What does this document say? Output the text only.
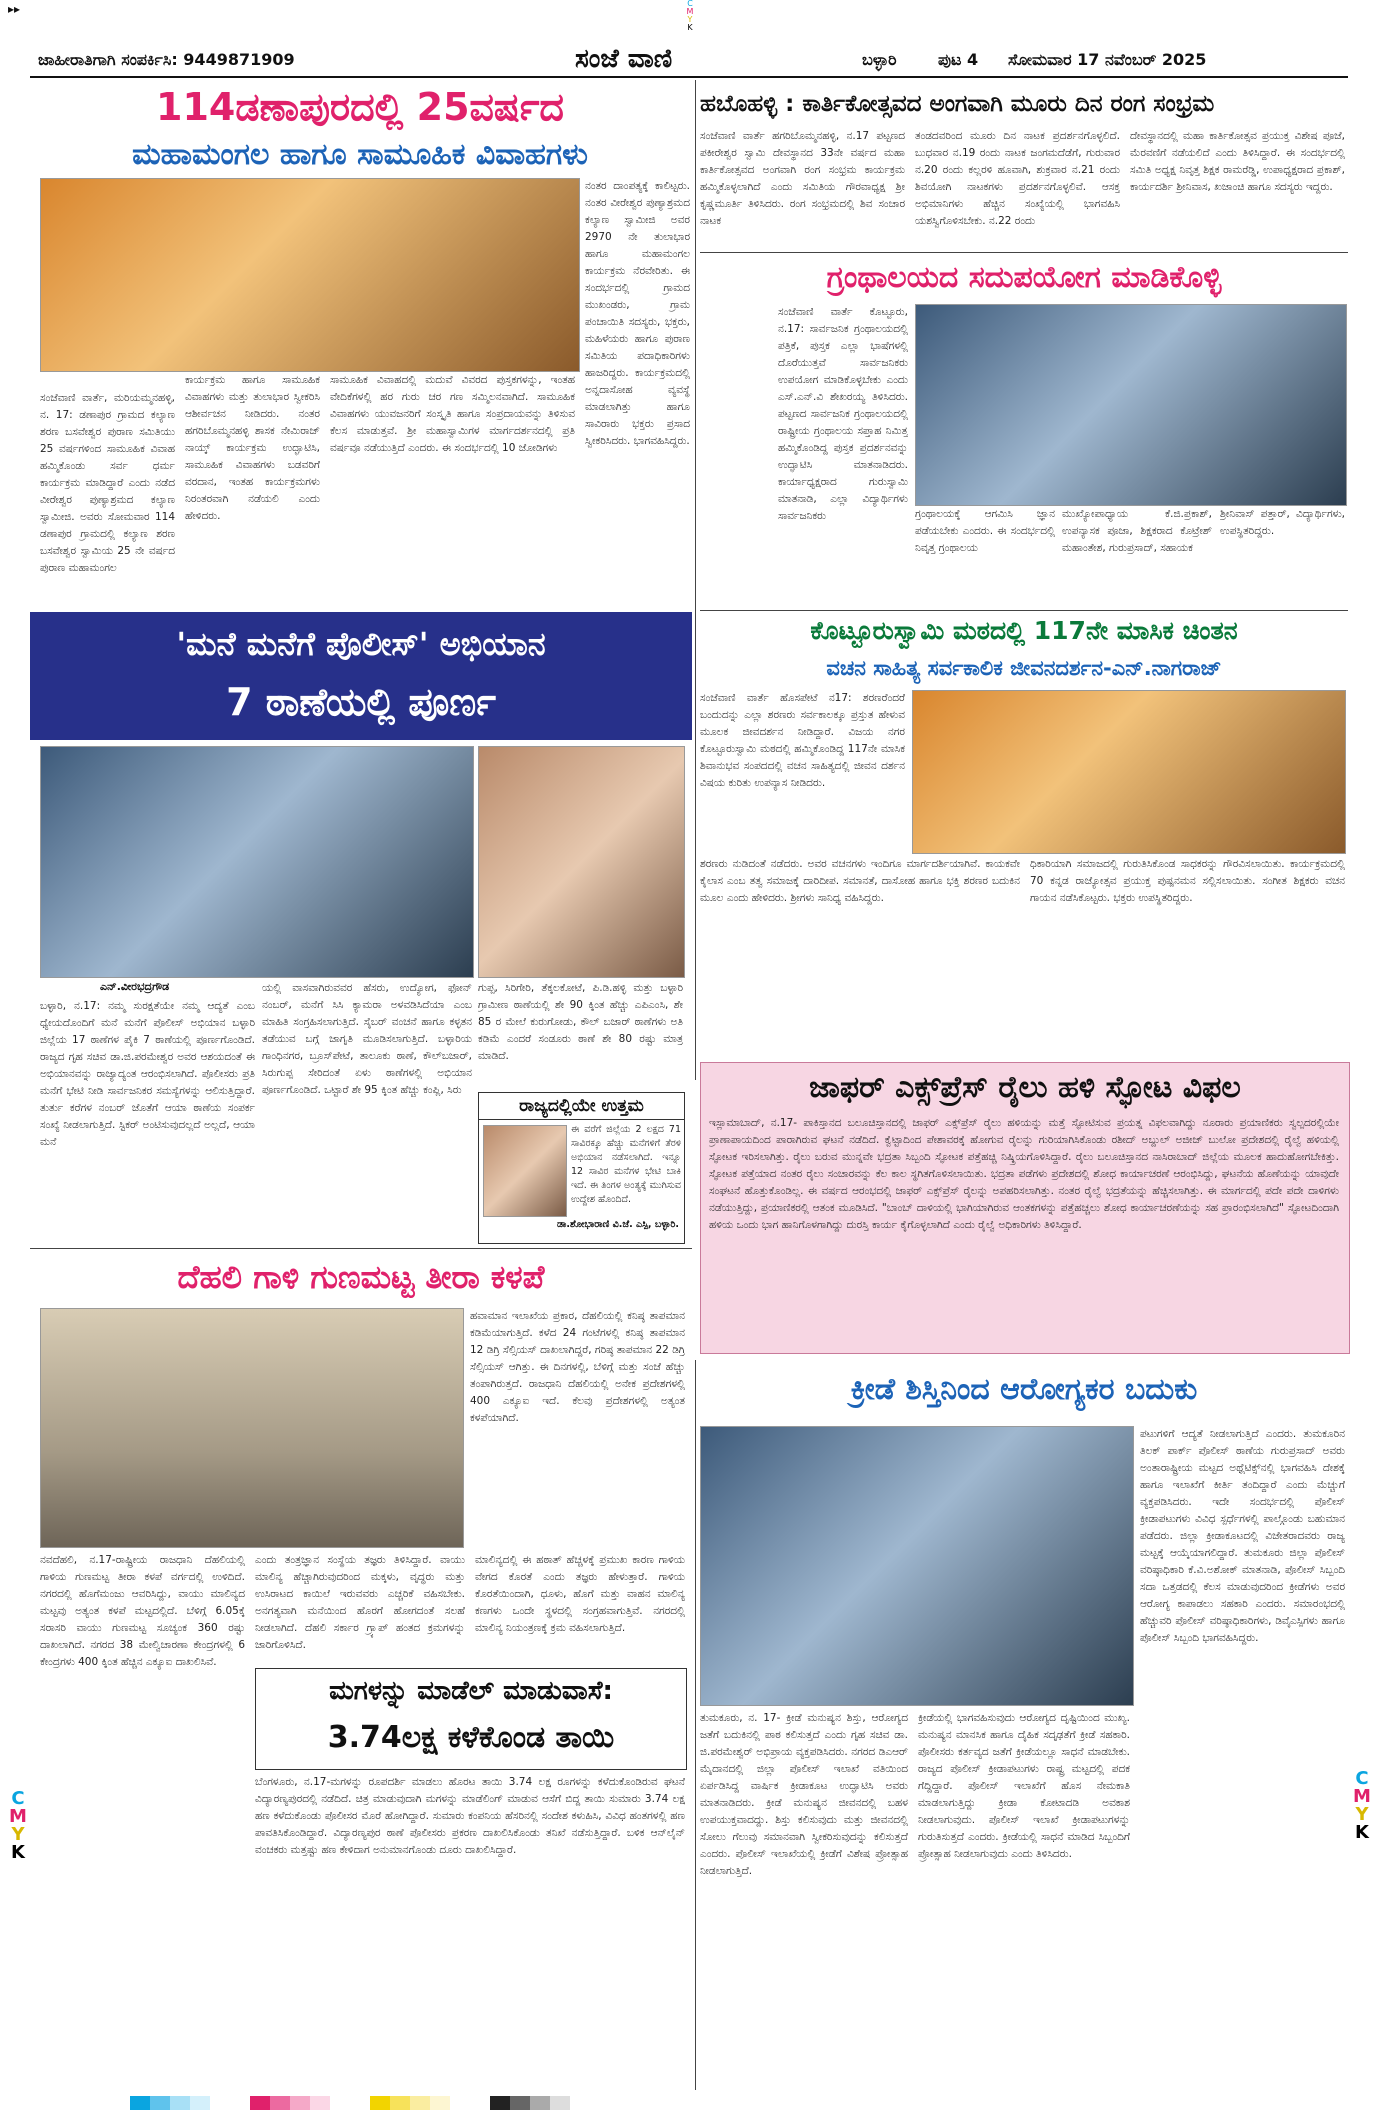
▸▸	C
M
Y
K
ಜಾಹೀರಾತಿಗಾಗಿ ಸಂಪರ್ಕಿಸಿ: 9449871909	ಸಂಜೆ ವಾಣಿ	ಬಳ್ಳಾರಿ	ಪುಟ 4 ಸೋಮವಾರ 17 ನವೆಂಬರ್ 2025
114ಡಣಾಪುರದಲ್ಲಿ 25ವರ್ಷದ
ಮಹಾಮಂಗಲ ಹಾಗೂ ಸಾಮೂಹಿಕ ವಿವಾಹಗಳು
ನಂತರ ದಾಂಪತ್ಯಕ್ಕೆ ಕಾಲಿಟ್ಟರು. ನಂತರ ವೀರೇಶ್ವರ ಪುಣ್ಯಾಶ್ರಮದ ಕಲ್ಯಾಣ ಸ್ವಾಮೀಜಿ ಅವರ 2970 ನೇ ತುಲಾಭಾರ ಹಾಗೂ ಮಹಾಮಂಗಲ ಕಾರ್ಯಕ್ರಮ ನೆರವೇರಿತು. ಈ ಸಂದರ್ಭದಲ್ಲಿ ಗ್ರಾಮದ ಮುಖಂಡರು, ಗ್ರಾಮ ಪಂಚಾಯಿತಿ ಸದಸ್ಯರು, ಭಕ್ತರು, ಮಹಿಳೆಯರು ಹಾಗೂ ಪುರಾಣ ಸಮಿತಿಯ ಪದಾಧಿಕಾರಿಗಳು ಹಾಜರಿದ್ದರು. ಕಾರ್ಯಕ್ರಮದಲ್ಲಿ ಅನ್ನದಾಸೋಹ ವ್ಯವಸ್ಥೆ ಮಾಡಲಾಗಿತ್ತು ಹಾಗೂ ಸಾವಿರಾರು ಭಕ್ತರು ಪ್ರಸಾದ ಸ್ವೀಕರಿಸಿದರು. ಭಾಗವಹಿಸಿದ್ದರು.
ಸಂಜೆವಾಣಿ ವಾರ್ತೆ, ಮರಿಯಮ್ಮನಹಳ್ಳಿ, ನ. 17: ಡಣಾಪುರ ಗ್ರಾಮದ ಕಲ್ಯಾಣ ಶರಣ ಬಸವೇಶ್ವರ ಪುರಾಣ ಸಮಿತಿಯು 25 ವರ್ಷಗಳಿಂದ ಸಾಮೂಹಿಕ ವಿವಾಹ ಹಮ್ಮಿಕೊಂಡು ಸರ್ವ ಧರ್ಮ ಕಾರ್ಯಕ್ರಮ ಮಾಡಿದ್ದಾರೆ ಎಂದು ನಡೆದ ವೀರೇಶ್ವರ ಪುಣ್ಯಾಶ್ರಮದ ಕಲ್ಯಾಣ ಸ್ವಾಮೀಜಿ. ಅವರು ಸೋಮವಾರ 114 ಡಣಾಪುರ ಗ್ರಾಮದಲ್ಲಿ ಕಲ್ಯಾಣ ಶರಣ ಬಸವೇಶ್ವರ ಸ್ವಾಮಿಯ 25 ನೇ ವರ್ಷದ ಪುರಾಣ ಮಹಾಮಂಗಲ
ಕಾರ್ಯಕ್ರಮ ಹಾಗೂ ಸಾಮೂಹಿಕ ವಿವಾಹಗಳು ಮತ್ತು ತುಲಾಭಾರ ಸ್ವೀಕರಿಸಿ ಆಶೀರ್ವಚನ ನೀಡಿದರು. ನಂತರ ಹಗರಿಬೊಮ್ಮನಹಳ್ಳಿ ಶಾಸಕ ನೇಮಿರಾಜ್ ನಾಯ್ಕ್ ಕಾರ್ಯಕ್ರಮ ಉದ್ಘಾಟಿಸಿ, ಸಾಮೂಹಿಕ ವಿವಾಹಗಳು ಬಡವರಿಗೆ ವರದಾನ, ಇಂತಹ ಕಾರ್ಯಕ್ರಮಗಳು ನಿರಂತರವಾಗಿ ನಡೆಯಲಿ ಎಂದು ಹೇಳಿದರು.
ಸಾಮೂಹಿಕ ವಿವಾಹದಲ್ಲಿ ಮದುವೆ ವಿವರದ ಪುಸ್ತಕಗಳನ್ನು, ಇಂತಹ ವೇದಿಕೆಗಳಲ್ಲಿ ಹರ ಗುರು ಚರ ಗಣ ಸಮ್ಮಿಲನವಾಗಿದೆ. ಸಾಮೂಹಿಕ ವಿವಾಹಗಳು ಯುವಜನರಿಗೆ ಸಂಸ್ಕೃತಿ ಹಾಗೂ ಸಂಪ್ರದಾಯವನ್ನು ತಿಳಿಸುವ ಕೆಲಸ ಮಾಡುತ್ತವೆ. ಶ್ರೀ ಮಹಾಸ್ವಾಮಿಗಳ ಮಾರ್ಗದರ್ಶನದಲ್ಲಿ ಪ್ರತಿ ವರ್ಷವೂ ನಡೆಯುತ್ತಿದೆ ಎಂದರು. ಈ ಸಂದರ್ಭದಲ್ಲಿ 10 ಜೋಡಿಗಳು
ಹಬೊಹಳ್ಳಿ : ಕಾರ್ತಿಕೋತ್ಸವದ ಅಂಗವಾಗಿ ಮೂರು ದಿನ ರಂಗ ಸಂಭ್ರಮ
ಸಂಜೆವಾಣಿ ವಾರ್ತೆ ಹಗರಿಬೊಮ್ಮನಹಳ್ಳಿ, ನ.17 ಪಟ್ಟಣದ ಪಕೀರೇಶ್ವರ ಸ್ವಾಮಿ ದೇವಸ್ಥಾನದ 33ನೇ ವರ್ಷದ ಮಹಾ ಕಾರ್ತಿಕೋತ್ಸವದ ಅಂಗವಾಗಿ ರಂಗ ಸಂಭ್ರಮ ಕಾರ್ಯಕ್ರಮ ಹಮ್ಮಿಕೊಳ್ಳಲಾಗಿದೆ ಎಂದು ಸಮಿತಿಯ ಗೌರವಾಧ್ಯಕ್ಷ ಶ್ರೀ ಕೃಷ್ಣಮೂರ್ತಿ ತಿಳಿಸಿದರು. ರಂಗ ಸಂಭ್ರಮದಲ್ಲಿ ಶಿವ ಸಂಚಾರ ನಾಟಕ
ತಂಡದವರಿಂದ ಮೂರು ದಿನ ನಾಟಕ ಪ್ರದರ್ಶನಗೊಳ್ಳಲಿದೆ. ಬುಧವಾರ ನ.19 ರಂದು ನಾಟಕ ಜಂಗಮದೆಡೆಗೆ, ಗುರುವಾರ ನ.20 ರಂದು ಕಲ್ಲರಳಿ ಹೂವಾಗಿ, ಶುಕ್ರವಾರ ನ.21 ರಂದು ಶಿವಯೋಗಿ ನಾಟಕಗಳು ಪ್ರದರ್ಶನಗೊಳ್ಳಲಿವೆ. ಆಸಕ್ತ ಅಭಿಮಾನಿಗಳು ಹೆಚ್ಚಿನ ಸಂಖ್ಯೆಯಲ್ಲಿ ಭಾಗವಹಿಸಿ ಯಶಸ್ವಿಗೊಳಿಸಬೇಕು. ನ.22 ರಂದು
ದೇವಸ್ಥಾನದಲ್ಲಿ ಮಹಾ ಕಾರ್ತಿಕೋತ್ಸವ ಪ್ರಯುಕ್ತ ವಿಶೇಷ ಪೂಜೆ, ಮೆರವಣಿಗೆ ನಡೆಯಲಿದೆ ಎಂದು ತಿಳಿಸಿದ್ದಾರೆ. ಈ ಸಂದರ್ಭದಲ್ಲಿ ಸಮಿತಿ ಅಧ್ಯಕ್ಷ ನಿವೃತ್ತ ಶಿಕ್ಷಕ ರಾಮರೆಡ್ಡಿ, ಉಪಾಧ್ಯಕ್ಷರಾದ ಪ್ರಕಾಶ್, ಕಾರ್ಯದರ್ಶಿ ಶ್ರೀನಿವಾಸ, ಖಜಾಂಚಿ ಹಾಗೂ ಸದಸ್ಯರು ಇದ್ದರು.
ಗ್ರಂಥಾಲಯದ ಸದುಪಯೋಗ ಮಾಡಿಕೊಳ್ಳಿ
ಸಂಜೆವಾಣಿ ವಾರ್ತೆ ಕೊಟ್ಟೂರು, ನ.17: ಸಾರ್ವಜನಿಕ ಗ್ರಂಥಾಲಯದಲ್ಲಿ ಪತ್ರಿಕೆ, ಪುಸ್ತಕ ಎಲ್ಲಾ ಭಾಷೆಗಳಲ್ಲಿ ದೊರೆಯುತ್ತವೆ ಸಾರ್ವಜನಿಕರು ಉಪಯೋಗ ಮಾಡಿಕೊಳ್ಳಬೇಕು ಎಂದು ಎಸ್.ಎನ್.ವಿ ಶೇಖರಯ್ಯ ತಿಳಿಸಿದರು. ಪಟ್ಟಣದ ಸಾರ್ವಜನಿಕ ಗ್ರಂಥಾಲಯದಲ್ಲಿ ರಾಷ್ಟ್ರೀಯ ಗ್ರಂಥಾಲಯ ಸಪ್ತಾಹ ನಿಮಿತ್ತ ಹಮ್ಮಿಕೊಂಡಿದ್ದ ಪುಸ್ತಕ ಪ್ರದರ್ಶನವನ್ನು ಉದ್ಘಾಟಿಸಿ ಮಾತನಾಡಿದರು. ಕಾರ್ಯಾಧ್ಯಕ್ಷರಾದ ಗುರುಸ್ವಾಮಿ ಮಾತನಾಡಿ, ಎಲ್ಲಾ ವಿದ್ಯಾರ್ಥಿಗಳು ಸಾರ್ವಜನಿಕರು	ಗ್ರಂಥಾಲಯಕ್ಕೆ ಆಗಮಿಸಿ ಜ್ಞಾನ ಪಡೆಯಬೇಕು ಎಂದರು. ಈ ಸಂದರ್ಭದಲ್ಲಿ ನಿವೃತ್ತ ಗ್ರಂಥಾಲಯ
ಮುಖ್ಯೋಪಾಧ್ಯಾಯ ಕೆ.ಜಿ.ಪ್ರಕಾಶ್, ಉಪನ್ಯಾಸಕ ಪೂಜಾ, ಶಿಕ್ಷಕರಾದ ಕೊಟ್ರೇಶ್ ಮಹಾಂತೇಶ, ಗುರುಪ್ರಸಾದ್, ಸಹಾಯಕ
ಶ್ರೀನಿವಾಸ್ ಪತ್ತಾರ್, ವಿದ್ಯಾರ್ಥಿಗಳು, ಉಪಸ್ಥಿತರಿದ್ದರು.
'ಮನೆ ಮನೆಗೆ ಪೊಲೀಸ್' ಅಭಿಯಾನ
7 ಠಾಣೆಯಲ್ಲಿ ಪೂರ್ಣ
ಕೊಟ್ಟೂರುಸ್ವಾಮಿ ಮಠದಲ್ಲಿ 117ನೇ ಮಾಸಿಕ ಚಿಂತನ
ವಚನ ಸಾಹಿತ್ಯ ಸರ್ವಕಾಲಿಕ ಜೀವನದರ್ಶನ-ಎನ್.ನಾಗರಾಜ್
ಸಂಜೆವಾಣಿ ವಾರ್ತೆ ಹೊಸಪೇಟೆ ನ17: ಶರಣರೆಂದರೆ ಬಂದುದನ್ನು ಎಲ್ಲಾ ಶರಣರು ಸರ್ವಕಾಲಕ್ಕೂ ಪ್ರಸ್ತುತ ಹೇಳುವ ಮೂಲಕ ಜೀವದರ್ಶನ ನೀಡಿದ್ದಾರೆ. ವಿಜಯ ನಗರ ಕೊಟ್ಟೂರುಸ್ವಾಮಿ ಮಠದಲ್ಲಿ ಹಮ್ಮಿಕೊಂಡಿದ್ದ 117ನೇ ಮಾಸಿಕ ಶಿವಾನುಭವ ಸಂಪದದಲ್ಲಿ ವಚನ ಸಾಹಿತ್ಯದಲ್ಲಿ ಜೀವನ ದರ್ಶನ ವಿಷಯ ಕುರಿತು ಉಪನ್ಯಾಸ ನೀಡಿದರು.
ಶರಣರು ನುಡಿದಂತೆ ನಡೆದರು. ಅವರ ವಚನಗಳು ಇಂದಿಗೂ ಮಾರ್ಗದರ್ಶಿಯಾಗಿವೆ. ಕಾಯಕವೇ ಕೈಲಾಸ ಎಂಬ ತತ್ವ ಸಮಾಜಕ್ಕೆ ದಾರಿದೀಪ. ಸಮಾನತೆ, ದಾಸೋಹ ಹಾಗೂ ಭಕ್ತಿ ಶರಣರ ಬದುಕಿನ ಮೂಲ ಎಂದು ಹೇಳಿದರು. ಶ್ರೀಗಳು ಸಾನಿಧ್ಯ ವಹಿಸಿದ್ದರು.
ಧಿಕಾರಿಯಾಗಿ ಸಮಾಜದಲ್ಲಿ ಗುರುತಿಸಿಕೊಂಡ ಸಾಧಕರನ್ನು ಗೌರವಿಸಲಾಯಿತು. ಕಾರ್ಯಕ್ರಮದಲ್ಲಿ 70 ಕನ್ನಡ ರಾಜ್ಯೋತ್ಸವ ಪ್ರಯುಕ್ತ ಪುಷ್ಪನಮನ ಸಲ್ಲಿಸಲಾಯಿತು. ಸಂಗೀತ ಶಿಕ್ಷಕರು ವಚನ ಗಾಯನ ನಡೆಸಿಕೊಟ್ಟರು. ಭಕ್ತರು ಉಪಸ್ಥಿತರಿದ್ದರು.
ಎನ್.ವೀರಭದ್ರಗೌಡ
ಬಳ್ಳಾರಿ, ನ.17: ನಮ್ಮ ಸುರಕ್ಷತೆಯೇ ನಮ್ಮ ಆದ್ಯತೆ ಎಂಬ ಧ್ಯೇಯದೊಂದಿಗೆ ಮನೆ ಮನೆಗೆ ಪೊಲೀಸ್ ಅಭಿಯಾನ ಬಳ್ಳಾರಿ ಜಿಲ್ಲೆಯ 17 ಠಾಣೆಗಳ ಪೈಕಿ 7 ಠಾಣೆಯಲ್ಲಿ ಪೂರ್ಣಗೊಂಡಿದೆ. ರಾಜ್ಯದ ಗೃಹ ಸಚಿವ ಡಾ.ಜಿ.ಪರಮೇಶ್ವರ ಅವರ ಆಶಯದಂತೆ ಈ ಅಭಿಯಾನವನ್ನು ರಾಜ್ಯಾದ್ಯಂತ ಆರಂಭಿಸಲಾಗಿದೆ. ಪೊಲೀಸರು ಪ್ರತಿ ಮನೆಗೆ ಭೇಟಿ ನೀಡಿ ಸಾರ್ವಜನಿಕರ ಸಮಸ್ಯೆಗಳನ್ನು ಆಲಿಸುತ್ತಿದ್ದಾರೆ. ತುರ್ತು ಕರೆಗಳ ನಂಬರ್ ಜೊತೆಗೆ ಆಯಾ ಠಾಣೆಯ ಸಂಪರ್ಕ ಸಂಖ್ಯೆ ನೀಡಲಾಗುತ್ತಿದೆ. ಸ್ಟಿಕರ್ ಅಂಟಿಸುವುದಲ್ಲದೆ ಅಲ್ಲದೆ, ಆಯಾ ಮನೆ
ಯಲ್ಲಿ ವಾಸವಾಗಿರುವವರ ಹೆಸರು, ಉದ್ಯೋಗ, ಫೋನ್ ನಂಬರ್, ಮನೆಗೆ ಸಿಸಿ ಕ್ಯಾಮರಾ ಅಳವಡಿಸಿದೆಯಾ ಎಂಬ ಮಾಹಿತಿ ಸಂಗ್ರಹಿಸಲಾಗುತ್ತಿದೆ. ಸೈಬರ್ ವಂಚನೆ ಹಾಗೂ ಕಳ್ಳತನ ತಡೆಯುವ ಬಗ್ಗೆ ಜಾಗೃತಿ ಮೂಡಿಸಲಾಗುತ್ತಿದೆ. ಬಳ್ಳಾರಿಯ ಗಾಂಧಿನಗರ, ಬ್ರೂಸ್‌ಪೇಟೆ, ತಾಲೂಕು ಠಾಣೆ, ಕೌಲ್‌ಬಜಾರ್, ಸಿರುಗುಪ್ಪ ಸೇರಿದಂತೆ ಏಳು ಠಾಣೆಗಳಲ್ಲಿ ಅಭಿಯಾನ ಪೂರ್ಣಗೊಂಡಿದೆ. ಒಟ್ಟಾರೆ ಶೇ 95 ಕ್ಕಿಂತ ಹೆಚ್ಚು ಕಂಪ್ಲಿ, ಸಿರು
ಗುಪ್ಪ, ಸಿರಿಗೇರಿ, ತೆಕ್ಕಲಕೋಟೆ, ಪಿ.ಡಿ.ಹಳ್ಳಿ ಮತ್ತು ಬಳ್ಳಾರಿ ಗ್ರಾಮೀಣ ಠಾಣೆಯಲ್ಲಿ ಶೇ 90 ಕ್ಕಿಂತ ಹೆಚ್ಚು ಎಪಿಎಂಸಿ, ಶೇ 85 ರ ಮೇಲೆ ಕುರುಗೋಡು, ಕೌಲ್ ಬಜಾರ್ ಠಾಣೆಗಳು ಅತಿ ಕಡಿಮೆ ಎಂದರೆ ಸಂಡೂರು ಠಾಣೆ ಶೇ 80 ರಷ್ಟು ಮಾತ್ರ ಮಾಡಿದೆ.
ರಾಜ್ಯದಲ್ಲಿಯೇ ಉತ್ತಮ
ಈ ವರೆಗೆ ಜಿಲ್ಲೆಯ 2 ಲಕ್ಷದ 71 ಸಾವಿರಕ್ಕೂ ಹೆಚ್ಚು ಮನೆಗಳಿಗೆ ತೆರಳಿ ಅಭಿಯಾನ ನಡೆಸಲಾಗಿದೆ. ಇನ್ನೂ 12 ಸಾವಿರ ಮನೆಗಳ ಭೇಟಿ ಬಾಕಿ ಇದೆ. ಈ ತಿಂಗಳ ಅಂತ್ಯಕ್ಕೆ ಮುಗಿಸುವ ಉದ್ದೇಶ ಹೊಂದಿದೆ.
ಡಾ.ಶೋಭಾರಾಣಿ ವಿ.ಜೆ. ಎಸ್ಪಿ, ಬಳ್ಳಾರಿ.
ಜಾಫರ್ ಎಕ್ಸ್‌ಪ್ರೆಸ್ ರೈಲು ಹಳಿ ಸ್ಫೋಟ ವಿಫಲ
ಇಸ್ಲಾಮಾಬಾದ್, ನ.17- ಪಾಕಿಸ್ತಾನದ ಬಲೂಚಿಸ್ತಾನದಲ್ಲಿ ಜಾಫರ್ ಎಕ್ಸ್‌ಪ್ರೆಸ್ ರೈಲು ಹಳಿಯನ್ನು ಮತ್ತೆ ಸ್ಫೋಟಿಸುವ ಪ್ರಯತ್ನ ವಿಫಲವಾಗಿದ್ದು ನೂರಾರು ಪ್ರಯಾಣಿಕರು ಸ್ವಲ್ಪದರಲ್ಲಿಯೇ ಪ್ರಾಣಾಪಾಯದಿಂದ ಪಾರಾಗಿರುವ ಘಟನೆ ನಡೆದಿದೆ. ಕ್ವೆಟ್ಟಾದಿಂದ ಪೇಶಾವರಕ್ಕೆ ಹೋಗುವ ರೈಲನ್ನು ಗುರಿಯಾಗಿಸಿಕೊಂಡು ರಶೀದ್ ಅಬ್ದುಲ್ ಅಜೀಜ್ ಬುಲೋ ಪ್ರದೇಶದಲ್ಲಿ ರೈಲ್ವೆ ಹಳಿಯಲ್ಲಿ ಸ್ಫೋಟಕ ಇರಿಸಲಾಗಿತ್ತು. ರೈಲು ಬರುವ ಮುನ್ನವೇ ಭದ್ರತಾ ಸಿಬ್ಬಂದಿ ಸ್ಫೋಟಕ ಪತ್ತೆಹಚ್ಚಿ ನಿಷ್ಕ್ರಿಯಗೊಳಿಸಿದ್ದಾರೆ. ರೈಲು ಬಲೂಚಿಸ್ತಾನದ ನಾಸಿರಾಬಾದ್ ಜಿಲ್ಲೆಯ ಮೂಲಕ ಹಾದುಹೋಗಬೇಕಿತ್ತು. ಸ್ಫೋಟಕ ಪತ್ತೆಯಾದ ನಂತರ ರೈಲು ಸಂಚಾರವನ್ನು ಕೆಲ ಕಾಲ ಸ್ಥಗಿತಗೊಳಿಸಲಾಯಿತು. ಭದ್ರತಾ ಪಡೆಗಳು ಪ್ರದೇಶದಲ್ಲಿ ಶೋಧ ಕಾರ್ಯಾಚರಣೆ ಆರಂಭಿಸಿದ್ದು, ಘಟನೆಯ ಹೊಣೆಯನ್ನು ಯಾವುದೇ ಸಂಘಟನೆ ಹೊತ್ತುಕೊಂಡಿಲ್ಲ. ಈ ವರ್ಷದ ಆರಂಭದಲ್ಲಿ ಜಾಫರ್ ಎಕ್ಸ್‌ಪ್ರೆಸ್ ರೈಲನ್ನು ಅಪಹರಿಸಲಾಗಿತ್ತು. ನಂತರ ರೈಲ್ವೆ ಭದ್ರತೆಯನ್ನು ಹೆಚ್ಚಿಸಲಾಗಿತ್ತು. ಈ ಮಾರ್ಗದಲ್ಲಿ ಪದೇ ಪದೇ ದಾಳಿಗಳು ನಡೆಯುತ್ತಿದ್ದು, ಪ್ರಯಾಣಿಕರಲ್ಲಿ ಆತಂಕ ಮೂಡಿಸಿದೆ. "ಬಾಂಬ್ ದಾಳಿಯಲ್ಲಿ ಭಾಗಿಯಾಗಿರುವ ಆಂತಕಗಳನ್ನು ಪತ್ತೆಹಚ್ಚಲು ಶೋಧ ಕಾರ್ಯಾಚರಣೆಯನ್ನು ಸಹ ಪ್ರಾರಂಭಿಸಲಾಗಿದೆ" ಸ್ಫೋಟದಿಂದಾಗಿ ಹಳಿಯ ಒಂದು ಭಾಗ ಹಾನಿಗೊಳಗಾಗಿದ್ದು ದುರಸ್ತಿ ಕಾರ್ಯ ಕೈಗೊಳ್ಳಲಾಗಿದೆ ಎಂದು ರೈಲ್ವೆ ಅಧಿಕಾರಿಗಳು ತಿಳಿಸಿದ್ದಾರೆ.
ದೆಹಲಿ ಗಾಳಿ ಗುಣಮಟ್ಟ ತೀರಾ ಕಳಪೆ
ಹವಾಮಾನ ಇಲಾಖೆಯ ಪ್ರಕಾರ, ದೆಹಲಿಯಲ್ಲಿ ಕನಿಷ್ಠ ತಾಪಮಾನ ಕಡಿಮೆಯಾಗುತ್ತಿದೆ. ಕಳೆದ 24 ಗಂಟೆಗಳಲ್ಲಿ ಕನಿಷ್ಠ ತಾಪಮಾನ 12 ಡಿಗ್ರಿ ಸೆಲ್ಸಿಯಸ್ ದಾಖಲಾಗಿದ್ದರೆ, ಗರಿಷ್ಠ ತಾಪಮಾನ 22 ಡಿಗ್ರಿ ಸೆಲ್ಸಿಯಸ್ ಆಗಿತ್ತು. ಈ ದಿನಗಳಲ್ಲಿ, ಬೆಳಿಗ್ಗೆ ಮತ್ತು ಸಂಜೆ ಹೆಚ್ಚು ತಂಪಾಗಿರುತ್ತದೆ. ರಾಜಧಾನಿ ದೆಹಲಿಯಲ್ಲಿ ಅನೇಕ ಪ್ರದೇಶಗಳಲ್ಲಿ 400 ಎಕ್ಯೂಐ ಇದೆ. ಕೆಲವು ಪ್ರದೇಶಗಳಲ್ಲಿ ಅತ್ಯಂತ ಕಳಪೆಯಾಗಿದೆ.
ನವದೆಹಲಿ, ನ.17-ರಾಷ್ಟ್ರೀಯ ರಾಜಧಾನಿ ದೆಹಲಿಯಲ್ಲಿ ಗಾಳಿಯ ಗುಣಮಟ್ಟ ತೀರಾ ಕಳಪೆ ವರ್ಗದಲ್ಲಿ ಉಳಿದಿದೆ. ನಗರದಲ್ಲಿ ಹೊಗೆಮಂಜು ಆವರಿಸಿದ್ದು, ವಾಯು ಮಾಲಿನ್ಯದ ಮಟ್ಟವು ಅತ್ಯಂತ ಕಳಪೆ ಮಟ್ಟದಲ್ಲಿದೆ. ಬೆಳಿಗ್ಗೆ 6.05ಕ್ಕೆ ಸರಾಸರಿ ವಾಯು ಗುಣಮಟ್ಟ ಸೂಚ್ಯಂಕ 360 ರಷ್ಟು ದಾಖಲಾಗಿದೆ. ನಗರದ 38 ಮೇಲ್ವಿಚಾರಣಾ ಕೇಂದ್ರಗಳಲ್ಲಿ 6 ಕೇಂದ್ರಗಳು 400 ಕ್ಕಿಂತ ಹೆಚ್ಚಿನ ಎಕ್ಯೂಐ ದಾಖಲಿಸಿವೆ.
ಎಂದು ತಂತ್ರಜ್ಞಾನ ಸಂಸ್ಥೆಯ ತಜ್ಞರು ತಿಳಿಸಿದ್ದಾರೆ. ವಾಯು ಮಾಲಿನ್ಯ ಹೆಚ್ಚಾಗಿರುವುದರಿಂದ ಮಕ್ಕಳು, ವೃದ್ಧರು ಮತ್ತು ಉಸಿರಾಟದ ಕಾಯಿಲೆ ಇರುವವರು ಎಚ್ಚರಿಕೆ ವಹಿಸಬೇಕು. ಅನಗತ್ಯವಾಗಿ ಮನೆಯಿಂದ ಹೊರಗೆ ಹೋಗದಂತೆ ಸಲಹೆ ನೀಡಲಾಗಿದೆ. ದೆಹಲಿ ಸರ್ಕಾರ ಗ್ರ್ಯಾಪ್ ಹಂತದ ಕ್ರಮಗಳನ್ನು ಜಾರಿಗೊಳಿಸಿದೆ.
ಮಾಲಿನ್ಯದಲ್ಲಿ ಈ ಹಠಾತ್ ಹೆಚ್ಚಳಕ್ಕೆ ಪ್ರಮುಖ ಕಾರಣ ಗಾಳಿಯ ವೇಗದ ಕೊರತೆ ಎಂದು ತಜ್ಞರು ಹೇಳುತ್ತಾರೆ. ಗಾಳಿಯ ಕೊರತೆಯಿಂದಾಗಿ, ಧೂಳು, ಹೊಗೆ ಮತ್ತು ವಾಹನ ಮಾಲಿನ್ಯ ಕಣಗಳು ಒಂದೇ ಸ್ಥಳದಲ್ಲಿ ಸಂಗ್ರಹವಾಗುತ್ತಿವೆ. ನಗರದಲ್ಲಿ ಮಾಲಿನ್ಯ ನಿಯಂತ್ರಣಕ್ಕೆ ಕ್ರಮ ವಹಿಸಲಾಗುತ್ತಿದೆ.
ಮಗಳನ್ನು ಮಾಡೆಲ್ ಮಾಡುವಾಸೆ:
3.74ಲಕ್ಷ ಕಳೆಕೊಂಡ ತಾಯಿ
ಬೆಂಗಳೂರು, ನ.17-ಮಗಳನ್ನು ರೂಪದರ್ಶಿ ಮಾಡಲು ಹೊರಟ ತಾಯಿ 3.74 ಲಕ್ಷ ರೂಗಳನ್ನು ಕಳೆದುಕೊಂಡಿರುವ ಘಟನೆ ವಿದ್ಯಾರಣ್ಯಪುರದಲ್ಲಿ ನಡೆದಿದೆ. ಚಿತ್ರ ಮಾಡುವುದಾಗಿ ಮಗಳನ್ನು ಮಾಡೆಲಿಂಗ್ ಮಾಡುವ ಆಸೆಗೆ ಬಿದ್ದ ತಾಯಿ ಸುಮಾರು 3.74 ಲಕ್ಷ ಹಣ ಕಳೆದುಕೊಂಡು ಪೊಲೀಸರ ಮೊರೆ ಹೋಗಿದ್ದಾರೆ. ಸುಮಾರು ಕಂಪನಿಯ ಹೆಸರಿನಲ್ಲಿ ಸಂದೇಶ ಕಳುಹಿಸಿ, ವಿವಿಧ ಹಂತಗಳಲ್ಲಿ ಹಣ ಪಾವತಿಸಿಕೊಂಡಿದ್ದಾರೆ. ವಿದ್ಯಾರಣ್ಯಪುರ ಠಾಣೆ ಪೊಲೀಸರು ಪ್ರಕರಣ ದಾಖಲಿಸಿಕೊಂಡು ತನಿಖೆ ನಡೆಸುತ್ತಿದ್ದಾರೆ. ಬಳಿಕ ಆನ್‌ಲೈನ್ ವಂಚಕರು ಮತ್ತಷ್ಟು ಹಣ ಕೇಳಿದಾಗ ಅನುಮಾನಗೊಂಡು ದೂರು ದಾಖಲಿಸಿದ್ದಾರೆ.
ಕ್ರೀಡೆ ಶಿಸ್ತಿನಿಂದ ಆರೋಗ್ಯಕರ ಬದುಕು
ಪಟುಗಳಿಗೆ ಆದ್ಯತೆ ನೀಡಲಾಗುತ್ತಿದೆ ಎಂದರು. ತುಮಕೂರಿನ ತಿಲಕ್ ಪಾರ್ಕ್ ಪೊಲೀಸ್ ಠಾಣೆಯ ಗುರುಪ್ರಸಾದ್ ಅವರು ಅಂತಾರಾಷ್ಟ್ರೀಯ ಮಟ್ಟದ ಅಥ್ಲೆಟಿಕ್ಸ್‌ನಲ್ಲಿ ಭಾಗವಹಿಸಿ ದೇಶಕ್ಕೆ ಹಾಗೂ ಇಲಾಖೆಗೆ ಕೀರ್ತಿ ತಂದಿದ್ದಾರೆ ಎಂದು ಮೆಚ್ಚುಗೆ ವ್ಯಕ್ತಪಡಿಸಿದರು. ಇದೇ ಸಂದರ್ಭದಲ್ಲಿ ಪೊಲೀಸ್ ಕ್ರೀಡಾಪಟುಗಳು ವಿವಿಧ ಸ್ಪರ್ಧೆಗಳಲ್ಲಿ ಪಾಲ್ಗೊಂಡು ಬಹುಮಾನ ಪಡೆದರು. ಜಿಲ್ಲಾ ಕ್ರೀಡಾಕೂಟದಲ್ಲಿ ವಿಜೇತರಾದವರು ರಾಜ್ಯ ಮಟ್ಟಕ್ಕೆ ಆಯ್ಕೆಯಾಗಲಿದ್ದಾರೆ. ತುಮಕೂರು ಜಿಲ್ಲಾ ಪೊಲೀಸ್ ವರಿಷ್ಠಾಧಿಕಾರಿ ಕೆ.ವಿ.ಅಶೋಕ್ ಮಾತನಾಡಿ, ಪೊಲೀಸ್ ಸಿಬ್ಬಂದಿ ಸದಾ ಒತ್ತಡದಲ್ಲಿ ಕೆಲಸ ಮಾಡುವುದರಿಂದ ಕ್ರೀಡೆಗಳು ಅವರ ಆರೋಗ್ಯ ಕಾಪಾಡಲು ಸಹಕಾರಿ ಎಂದರು. ಸಮಾರಂಭದಲ್ಲಿ ಹೆಚ್ಚುವರಿ ಪೊಲೀಸ್ ವರಿಷ್ಠಾಧಿಕಾರಿಗಳು, ಡಿವೈಎಸ್ಪಿಗಳು ಹಾಗೂ ಪೊಲೀಸ್ ಸಿಬ್ಬಂದಿ ಭಾಗವಹಿಸಿದ್ದರು.
ತುಮಕೂರು, ನ. 17- ಕ್ರೀಡೆ ಮನುಷ್ಯನ ಶಿಸ್ತು, ಆರೋಗ್ಯದ ಜತೆಗೆ ಬದುಕಿನಲ್ಲಿ ಪಾಠ ಕಲಿಸುತ್ತದೆ ಎಂದು ಗೃಹ ಸಚಿವ ಡಾ. ಜಿ.ಪರಮೇಶ್ವರ್ ಅಭಿಪ್ರಾಯ ವ್ಯಕ್ತಪಡಿಸಿದರು. ನಗರದ ಡಿಎಆರ್ ಮೈದಾನದಲ್ಲಿ ಜಿಲ್ಲಾ ಪೊಲೀಸ್ ಇಲಾಖೆ ವತಿಯಿಂದ ಏರ್ಪಡಿಸಿದ್ದ ವಾರ್ಷಿಕ ಕ್ರೀಡಾಕೂಟ ಉದ್ಘಾಟಿಸಿ ಅವರು ಮಾತನಾಡಿದರು. ಕ್ರೀಡೆ ಮನುಷ್ಯನ ಜೀವನದಲ್ಲಿ ಬಹಳ ಉಪಯುಕ್ತವಾದದ್ದು. ಶಿಸ್ತು ಕಲಿಸುವುದು ಮತ್ತು ಜೀವನದಲ್ಲಿ ಸೋಲು ಗೆಲುವು ಸಮಾನವಾಗಿ ಸ್ವೀಕರಿಸುವುದನ್ನು ಕಲಿಸುತ್ತದೆ ಎಂದರು. ಪೊಲೀಸ್ ಇಲಾಖೆಯಲ್ಲಿ ಕ್ರೀಡೆಗೆ ವಿಶೇಷ ಪ್ರೋತ್ಸಾಹ ನೀಡಲಾಗುತ್ತಿದೆ.
ಕ್ರೀಡೆಯಲ್ಲಿ ಭಾಗವಹಿಸುವುದು ಆರೋಗ್ಯದ ದೃಷ್ಟಿಯಿಂದ ಮುಖ್ಯ. ಮನುಷ್ಯನ ಮಾನಸಿಕ ಹಾಗೂ ದೈಹಿಕ ಸದೃಢತೆಗೆ ಕ್ರೀಡೆ ಸಹಕಾರಿ. ಪೊಲೀಸರು ಕರ್ತವ್ಯದ ಜತೆಗೆ ಕ್ರೀಡೆಯಲ್ಲೂ ಸಾಧನೆ ಮಾಡಬೇಕು. ರಾಜ್ಯದ ಪೊಲೀಸ್ ಕ್ರೀಡಾಪಟುಗಳು ರಾಷ್ಟ್ರ ಮಟ್ಟದಲ್ಲಿ ಪದಕ ಗೆದ್ದಿದ್ದಾರೆ. ಪೊಲೀಸ್ ಇಲಾಖೆಗೆ ಹೊಸ ನೇಮಕಾತಿ ಮಾಡಲಾಗುತ್ತಿದ್ದು ಕ್ರೀಡಾ ಕೋಟಾದಡಿ ಅವಕಾಶ ನೀಡಲಾಗುವುದು. ಪೊಲೀಸ್ ಇಲಾಖೆ ಕ್ರೀಡಾಪಟುಗಳನ್ನು ಗುರುತಿಸುತ್ತದೆ ಎಂದರು. ಕ್ರೀಡೆಯಲ್ಲಿ ಸಾಧನೆ ಮಾಡಿದ ಸಿಬ್ಬಂದಿಗೆ ಪ್ರೋತ್ಸಾಹ ನೀಡಲಾಗುವುದು ಎಂದು ತಿಳಿಸಿದರು.
C
M
Y
K
C
M
Y
K
